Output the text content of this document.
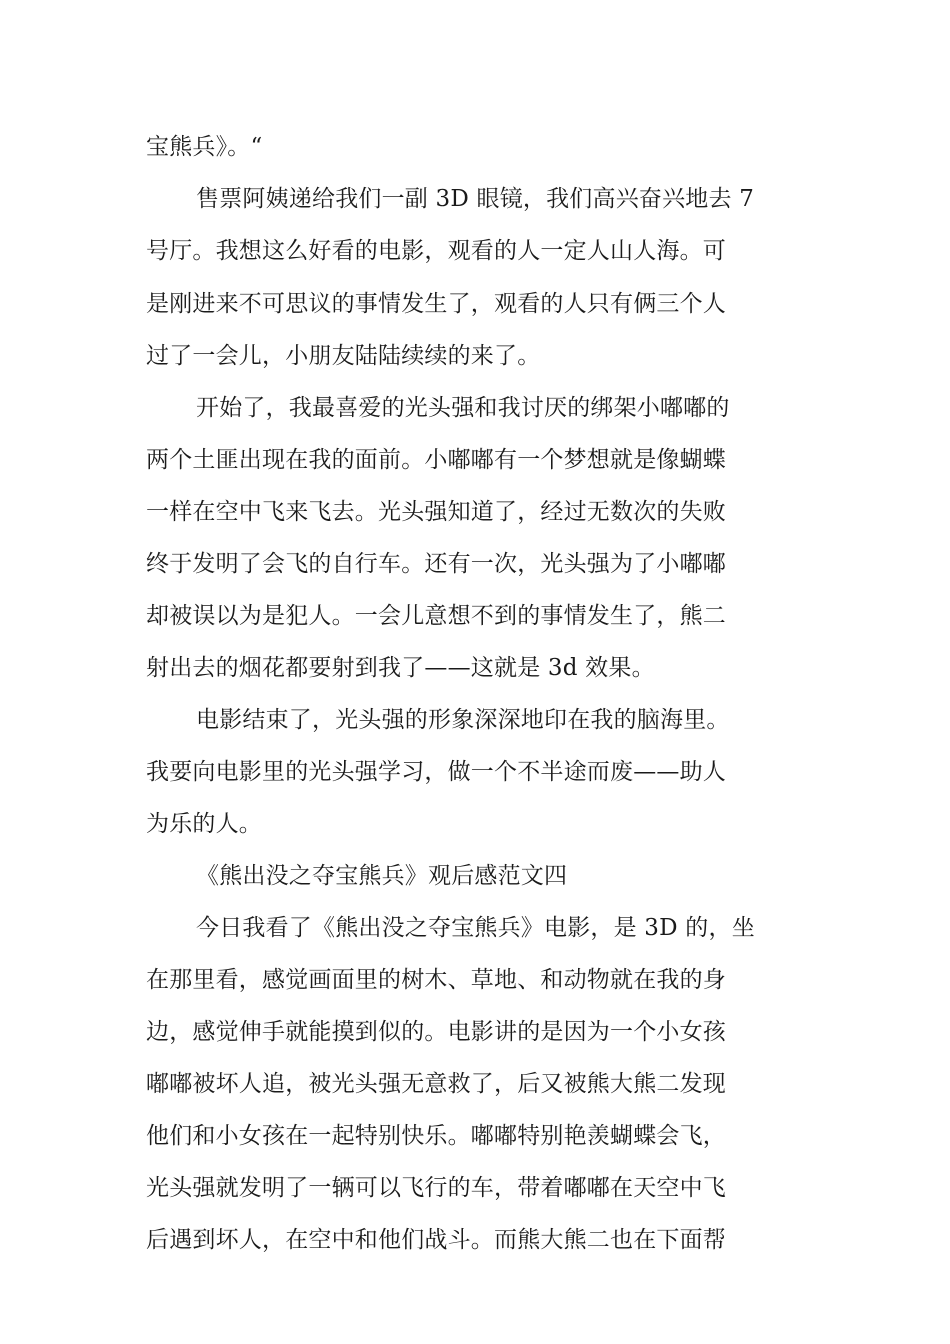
宝熊兵》。“

售票阿姨递给我们一副 3D 眼镜，我们高兴奋兴地去 7

号厅。我想这么好看的电影，观看的人一定人山人海。可

是刚进来不可思议的事情发生了，观看的人只有俩三个人

过了一会儿，小朋友陆陆续续的来了。

开始了，我最喜爱的光头强和我讨厌的绑架小嘟嘟的

两个土匪出现在我的面前。小嘟嘟有一个梦想就是像蝴蝶

一样在空中飞来飞去。光头强知道了，经过无数次的失败

终于发明了会飞的自行车。还有一次，光头强为了小嘟嘟

却被误以为是犯人。一会儿意想不到的事情发生了，熊二

射出去的烟花都要射到我了——这就是 3d 效果。

电影结束了，光头强的形象深深地印在我的脑海里。

我要向电影里的光头强学习，做一个不半途而废——助人

为乐的人。

《熊出没之夺宝熊兵》观后感范文四

今日我看了《熊出没之夺宝熊兵》电影，是 3D 的，坐

在那里看，感觉画面里的树木、草地、和动物就在我的身

边，感觉伸手就能摸到似的。电影讲的是因为一个小女孩

嘟嘟被坏人追，被光头强无意救了，后又被熊大熊二发现

他们和小女孩在一起特别快乐。嘟嘟特别艳羡蝴蝶会飞，

光头强就发明了一辆可以飞行的车，带着嘟嘟在天空中飞

后遇到坏人，在空中和他们战斗。而熊大熊二也在下面帮
